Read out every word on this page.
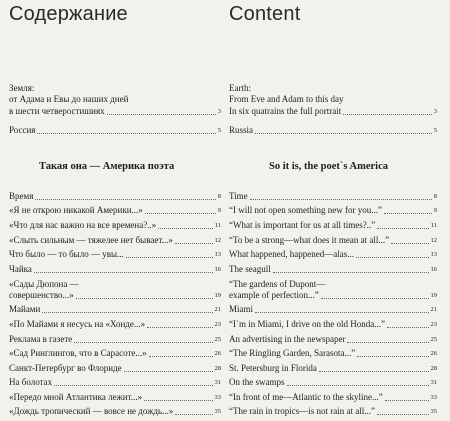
Содержание
Земля:
от Адама и Евы до наших дней
в шести четверостишиях	3
Россия	5
Такая она — Америка поэта
Время	8
«Я не открою никакой Америки...»	9
«Что для нас важно на все времена?..»	11
«Слыть сильным — тяжелее нет бывает...»	12
Что было — то было — увы...	13
Чайка	16
«Сады Дюпона —
совершенство...»	19
Майами	21
«По Майами я несусь на «Хонде...»	23
Реклама в газете	25
«Сад Ринглингов, что в Сарасоте...»	26
Санкт-Петербург во Флориде	28
На болотах	31
«Передо мной Атлантика лежит...»	33
«Дождь тропический — вовсе не дождь...»	35
Content
Earth:
From Eve and Adam to this day
In six quatrains the full portrait	3
Russia	5
So it is, the poet`s America
Time	8
“I will not open something new for you...”	9
“What is important for us at all times?..”	11
“To be a strong—what does it mean at all...”	12
What happened, happened—alas...	13
The seagull	16
“The gardens of Dupont—
example of perfection...”	19
Miami	21
“I`m in Miami, I drive on the old Honda...”	23
An advertising in the newspaper	25
“The Ringling Garden, Sarasota...”	26
St. Petersburg in Florida	28
On the swamps	31
“In front of me—Atlantic to the skyline...”	33
“The rain in tropics—is not rain at all...”	35
